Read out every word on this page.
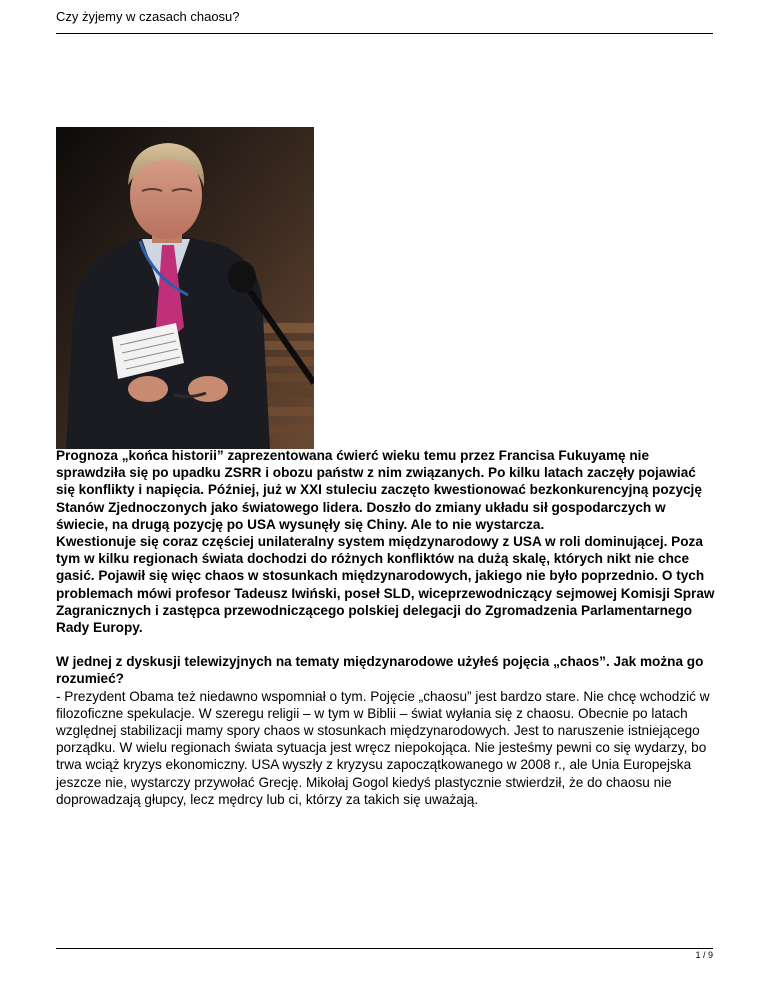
Czy żyjemy w czasach chaosu?

Prognoza „końca historii” zaprezentowana ćwierć wieku temu przez Francisa Fukuyamę nie sprawdziła się po upadku ZSRR i obozu państw z nim związanych. Po kilku latach zaczęły pojawiać się konflikty i napięcia. Później, już w XXI stuleciu zaczęto kwestionować bezkonkurencyjną pozycję Stanów Zjednoczonych jako światowego lidera. Doszło do zmiany układu sił gospodarczych w świecie, na drugą pozycję po USA wysunęły się Chiny. Ale to nie wystarcza.

Kwestionuje się coraz częściej unilateralny system międzynarodowy z USA w roli dominującej. Poza tym w kilku regionach świata dochodzi do różnych konfliktów na dużą skalę, których nikt nie chce gasić. Pojawił się więc chaos w stosunkach międzynarodowych, jakiego nie było poprzednio. O tych problemach mówi profesor Tadeusz Iwiński, poseł SLD, wiceprzewodniczący sejmowej Komisji Spraw Zagranicznych i zastępca przewodniczącego polskiej delegacji do Zgromadzenia Parlamentarnego Rady Europy.

W jednej z dyskusji telewizyjnych na tematy międzynarodowe użyłeś pojęcia „chaos”. Jak można go rozumieć?

- Prezydent Obama też niedawno wspomniał o tym. Pojęcie „chaosu” jest bardzo stare. Nie chcę wchodzić w filozoficzne spekulacje. W szeregu religii – w tym w Biblii – świat wyłania się z chaosu. Obecnie po latach względnej stabilizacji mamy spory chaos w stosunkach międzynarodowych. Jest to naruszenie istniejącego porządku. W wielu regionach świata sytuacja jest wręcz niepokojąca. Nie jesteśmy pewni co się wydarzy, bo trwa wciąż kryzys ekonomiczny. USA wyszły z kryzysu zapoczątkowanego w 2008 r., ale Unia Europejska jeszcze nie, wystarczy przywołać Grecję. Mikołaj Gogol kiedyś plastycznie stwierdził, że do chaosu nie doprowadzają głupcy, lecz mędrcy lub ci, którzy za takich się uważają.

1 / 9
